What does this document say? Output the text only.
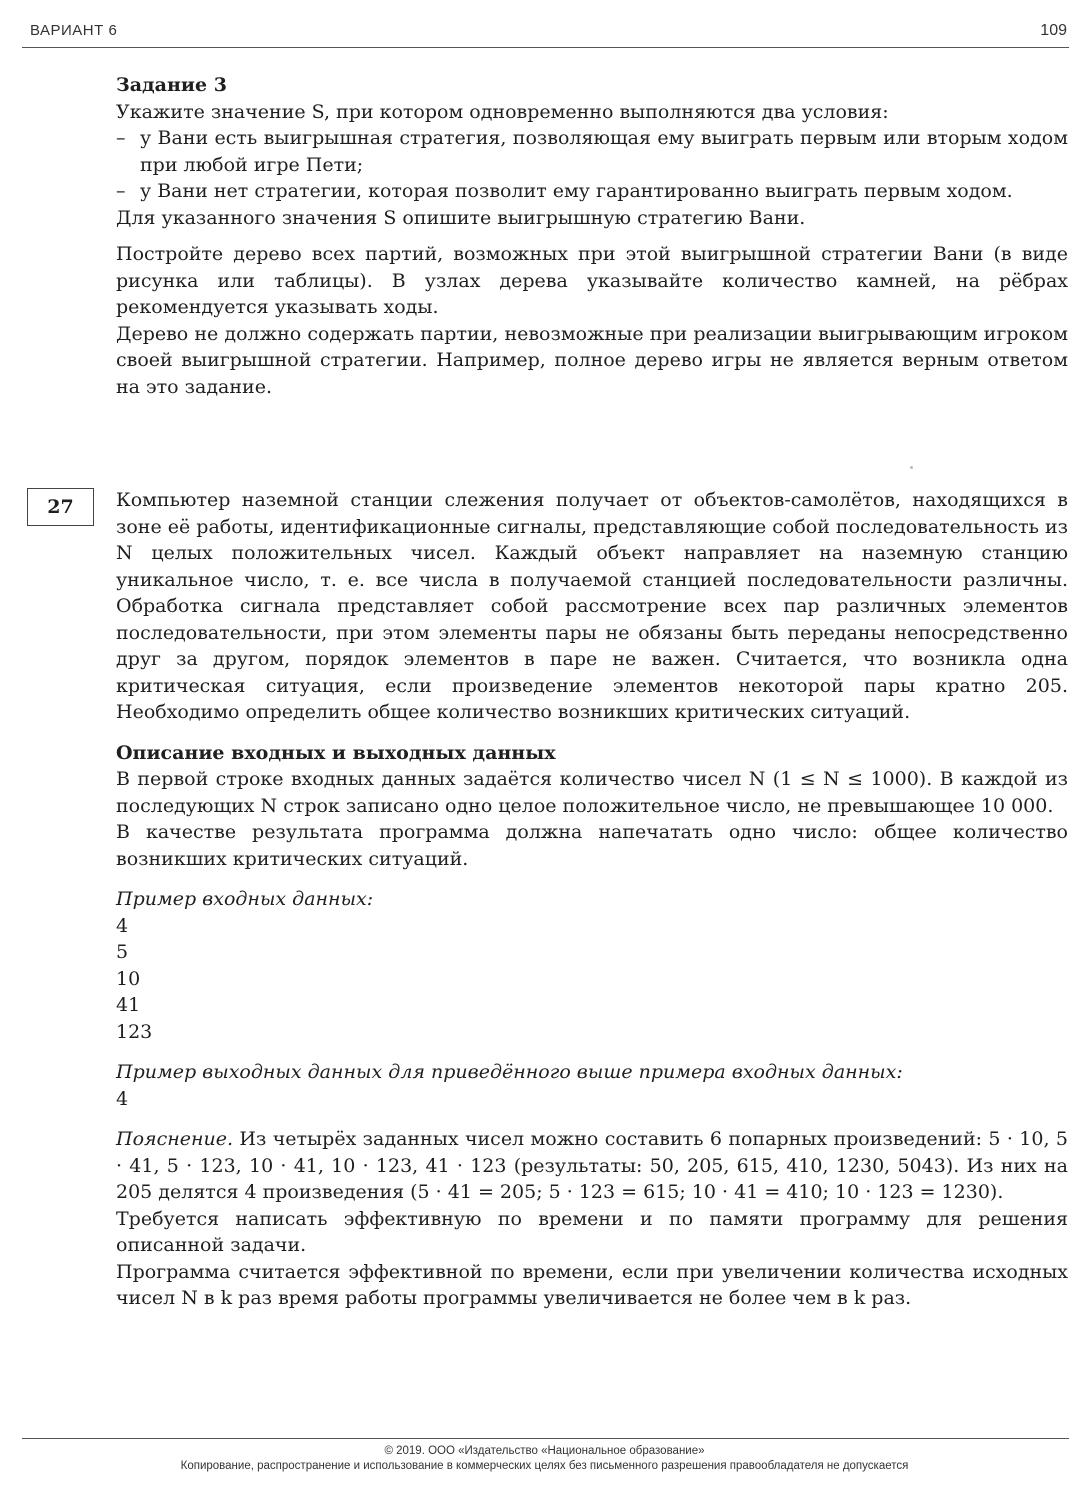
ВАРИАНТ 6	109

Задание 3

Укажите значение S, при котором одновременно выполняются два условия:

– у Вани есть выигрышная стратегия, позволяющая ему выиграть первым или вторым ходом при любой игре Пети;
– у Вани нет стратегии, которая позволит ему гарантированно выиграть первым ходом.

Для указанного значения S опишите выигрышную стратегию Вани.

Постройте дерево всех партий, возможных при этой выигрышной стратегии Вани (в виде рисунка или таблицы). В узлах дерева указывайте количество камней, на рёбрах рекомендуется указывать ходы.

Дерево не должно содержать партии, невозможные при реализации выигрывающим игроком своей выигрышной стратегии. Например, полное дерево игры не является верным ответом на это задание.

27	Компьютер наземной станции слежения получает от объектов-самолётов, находящихся в зоне её работы, идентификационные сигналы, представляющие собой последовательность из N целых положительных чисел. Каждый объект направляет на наземную станцию уникальное число, т. е. все числа в получаемой станцией последовательности различны. Обработка сигнала представляет собой рассмотрение всех пар различных элементов последовательности, при этом элементы пары не обязаны быть переданы непосредственно друг за другом, порядок элементов в паре не важен. Считается, что возникла одна критическая ситуация, если произведение элементов некоторой пары кратно 205. Необходимо определить общее количество возникших критических ситуаций.

Описание входных и выходных данных

В первой строке входных данных задаётся количество чисел N (1 ≤ N ≤ 1000). В каждой из последующих N строк записано одно целое положительное число, не превышающее 10 000.

В качестве результата программа должна напечатать одно число: общее количество возникших критических ситуаций.

Пример входных данных:

4

5

10

41

123

Пример выходных данных для приведённого выше примера входных данных:

4

Пояснение. Из четырёх заданных чисел можно составить 6 попарных произведений: 5 · 10, 5 · 41, 5 · 123, 10 · 41, 10 · 123, 41 · 123 (результаты: 50, 205, 615, 410, 1230, 5043). Из них на 205 делятся 4 произведения (5 · 41 = 205; 5 · 123 = 615; 10 · 41 = 410; 10 · 123 = 1230).

Требуется написать эффективную по времени и по памяти программу для решения описанной задачи.

Программа считается эффективной по времени, если при увеличении количества исходных чисел N в k раз время работы программы увеличивается не более чем в k раз.

© 2019. ООО «Издательство «Национальное образование»
Копирование, распространение и использование в коммерческих целях без письменного разрешения правообладателя не допускается
